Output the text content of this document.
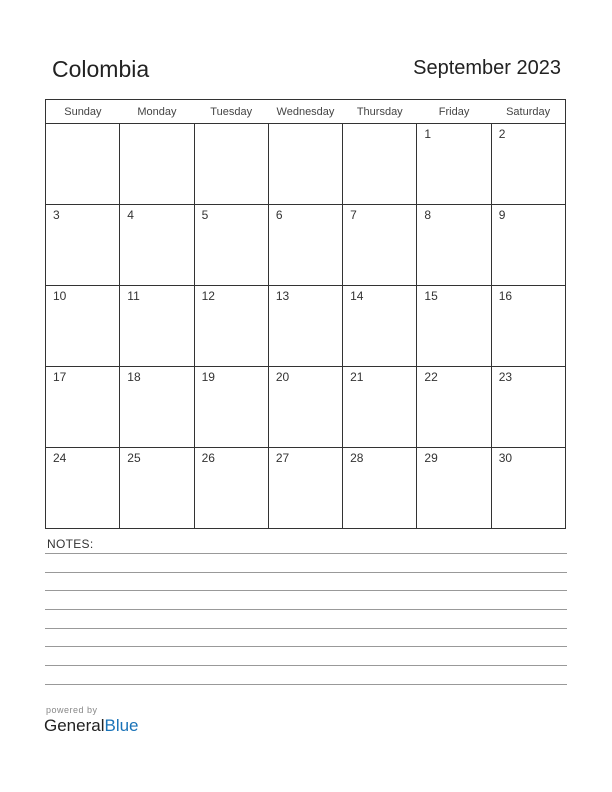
Colombia	September 2023
Sunday	Monday	Tuesday	Wednesday	Thursday	Friday	Saturday
					1	2
3	4	5	6	7	8	9
10	11	12	13	14	15	16
17	18	19	20	21	22	23
24	25	26	27	28	29	30
NOTES:
powered by
GeneralBlue
